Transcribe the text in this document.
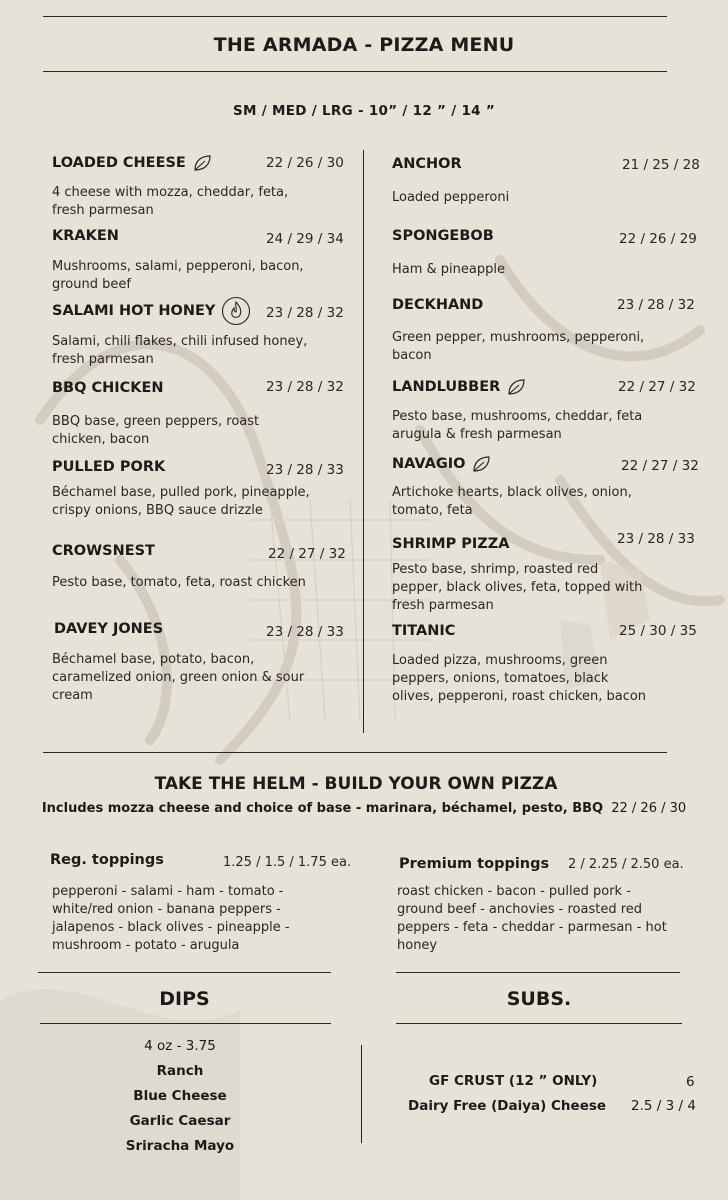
THE ARMADA - PIZZA MENU
SM / MED / LRG - 10” / 12 ” / 14 ”
LOADED CHEESE	22 / 26 / 30
4 cheese with mozza, cheddar, feta, fresh parmesan
KRAKEN	24 / 29 / 34
Mushrooms, salami, pepperoni, bacon, ground beef
SALAMI HOT HONEY	23 / 28 / 32
Salami, chili flakes, chili infused honey, fresh parmesan
BBQ CHICKEN	23 / 28 / 32
BBQ base, green peppers, roast chicken, bacon
PULLED PORK	23 / 28 / 33
Béchamel base, pulled pork, pineapple, crispy onions, BBQ sauce drizzle
CROWSNEST	22 / 27 / 32
Pesto base, tomato, feta, roast chicken
DAVEY JONES	23 / 28 / 33
Béchamel base, potato, bacon, caramelized onion, green onion & sour cream
ANCHOR	21 / 25 / 28
Loaded pepperoni
SPONGEBOB	22 / 26 / 29
Ham & pineapple
DECKHAND	23 / 28 / 32
Green pepper, mushrooms, pepperoni, bacon
LANDLUBBER	22 / 27 / 32
Pesto base, mushrooms, cheddar, feta arugula & fresh parmesan
NAVAGIO	22 / 27 / 32
Artichoke hearts, black olives, onion, tomato, feta
SHRIMP PIZZA	23 / 28 / 33
Pesto base, shrimp, roasted red pepper, black olives, feta, topped with fresh parmesan
TITANIC	25 / 30 / 35
Loaded pizza, mushrooms, green peppers, onions, tomatoes, black olives, pepperoni, roast chicken, bacon
TAKE THE HELM - BUILD YOUR OWN PIZZA
Includes mozza cheese and choice of base - marinara, béchamel, pesto, BBQ 22 / 26 / 30
Reg. toppings	1.25 / 1.5 / 1.75 ea.
pepperoni - salami - ham - tomato - white/red onion - banana peppers - jalapenos - black olives - pineapple - mushroom - potato - arugula
Premium toppings 2 / 2.25 / 2.50 ea.
roast chicken - bacon - pulled pork - ground beef - anchovies - roasted red peppers - feta - cheddar - parmesan - hot honey
DIPS
4 oz - 3.75
Ranch
Blue Cheese
Garlic Caesar
Sriracha Mayo
SUBS.
GF CRUST (12 ” ONLY)	6
Dairy Free (Daiya) Cheese 2.5 / 3 / 4
